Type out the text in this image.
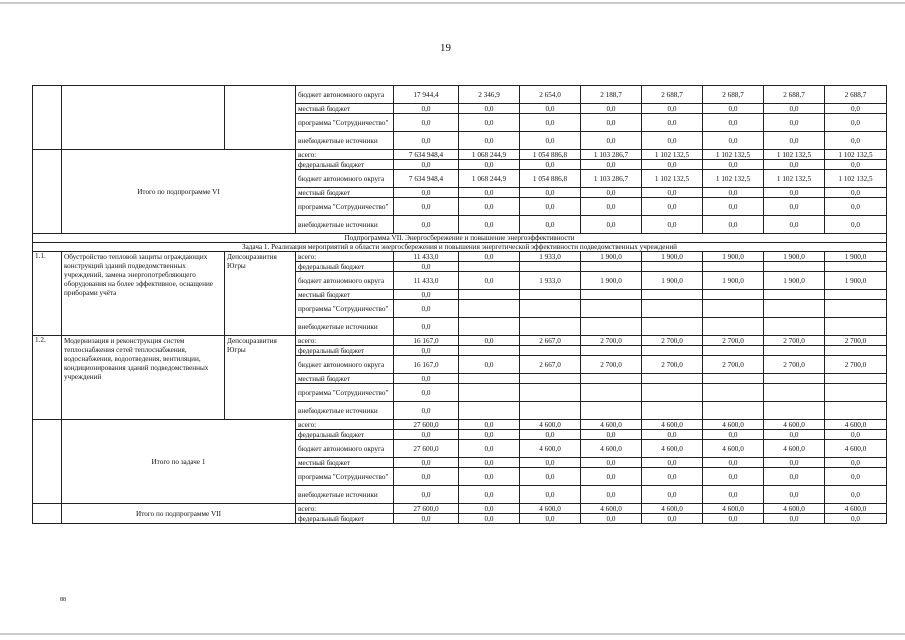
19
			бюджет автономного округа	17 944,4	2 346,9	2 654,0	2 188,7	2 688,7	2 688,7	2 688,7	2 688,7
			местный бюджет	0,0	0,0	0,0	0,0	0,0	0,0	0,0	0,0
			программа "Сотрудничество"	0,0	0,0	0,0	0,0	0,0	0,0	0,0	0,0
			внебюджетные источники	0,0	0,0	0,0	0,0	0,0	0,0	0,0	0,0
	Итого по подпрограмме VI		всего:	7 634 948,4	1 068 244,9	1 054 886,8	1 103 286,7	1 102 132,5	1 102 132,5	1 102 132,5	1 102 132,5
			федеральный бюджет	0,0	0,0	0,0	0,0	0,0	0,0	0,0	0,0
			бюджет автономного округа	7 634 948,4	1 068 244,9	1 054 886,8	1 103 286,7	1 102 132,5	1 102 132,5	1 102 132,5	1 102 132,5
			местный бюджет	0,0	0,0	0,0	0,0	0,0	0,0	0,0	0,0
			программа "Сотрудничество"	0,0	0,0	0,0	0,0	0,0	0,0	0,0	0,0
			внебюджетные источники	0,0	0,0	0,0	0,0	0,0	0,0	0,0	0,0
Подпрограмма VII. Энергосбережение и повышение энергоэффективности											
Задача 1. Реализация мероприятий в области энергосбережения и повышения энергетической эффективности подведомственных учреждений											
1.1.	Обустройство тепловой защиты ограждающих конструкций зданий подведомственных учреждений, замена энергопотребляющего оборудования на более эффективное, оснащение приборами учёта	Депсоцразвития Югры	всего:	11 433,0	0,0	1 933,0	1 900,0	1 900,0	1 900,0	1 900,0	1 900,0
			федеральный бюджет	0,0							
			бюджет автономного округа	11 433,0	0,0	1 933,0	1 900,0	1 900,0	1 900,0	1 900,0	1 900,0
			местный бюджет	0,0							
			программа "Сотрудничество"	0,0							
			внебюджетные источники	0,0							
1.2.	Модернизация и реконструкция систем теплоснабжения сетей теплоснабжения, водоснабжения, водоотведения, вентиляции, кондиционирования зданий подведомственных учреждений	Депсоцразвития Югры	всего:	16 167,0	0,0	2 667,0	2 700,0	2 700,0	2 700,0	2 700,0	2 700,0
			федеральный бюджет	0,0							
			бюджет автономного округа	16 167,0	0,0	2 667,0	2 700,0	2 700,0	2 700,0	2 700,0	2 700,0
			местный бюджет	0,0							
			программа "Сотрудничество"	0,0							
			внебюджетные источники	0,0							
	Итого по задаче 1		всего:	27 600,0	0,0	4 600,0	4 600,0	4 600,0	4 600,0	4 600,0	4 600,0
			федеральный бюджет	0,0	0,0	0,0	0,0	0,0	0,0	0,0	0,0
			бюджет автономного округа	27 600,0	0,0	4 600,0	4 600,0	4 600,0	4 600,0	4 600,0	4 600,0
			местный бюджет	0,0	0,0	0,0	0,0	0,0	0,0	0,0	0,0
			программа "Сотрудничество"	0,0	0,0	0,0	0,0	0,0	0,0	0,0	0,0
			внебюджетные источники	0,0	0,0	0,0	0,0	0,0	0,0	0,0	0,0
	Итого по подпрограмме VII		всего:	27 600,0	0,0	4 600,0	4 600,0	4 600,0	4 600,0	4 600,0	4 600,0
			федеральный бюджет	0,0	0,0	0,0	0,0	0,0	0,0	0,0	0,0
88
